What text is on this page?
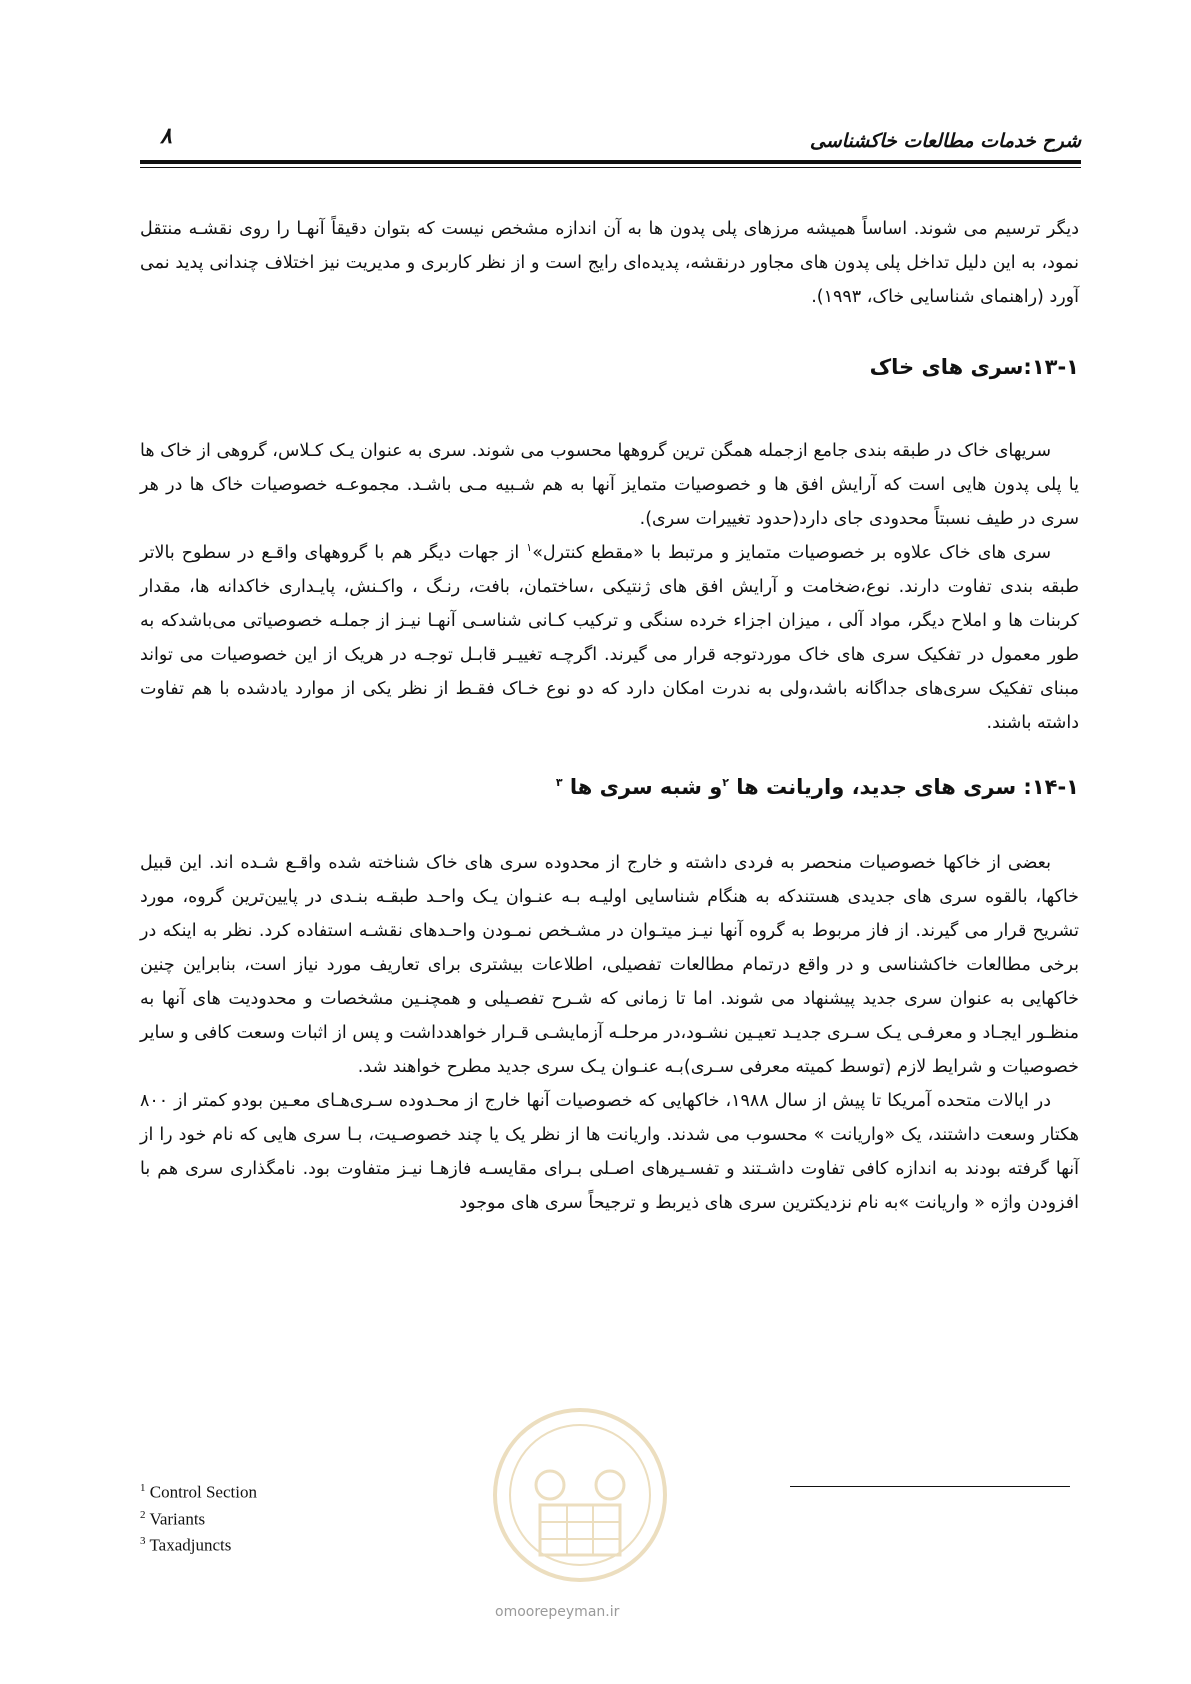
شرح خدمات مطالعات خاکشناسی
۸

دیگر ترسیم می شوند. اساساً همیشه مرزهای پلی پدون ها به آن اندازه مشخص نیست که بتوان دقیقاً آنهـا را روی نقشـه منتقل نمود، به این دلیل تداخل پلی پدون های مجاور درنقشه، پدیده‌ای رایج است و از نظر کاربری و مدیریت نیز اختلاف چندانی پدید نمی آورد (راهنمای شناسایی خاک، ۱۹۹۳).

۱۳-۱:سری های خاک

سریهای خاک در طبقه بندی جامع ازجمله همگن ترین گروهها محسوب می شوند. سری به عنوان یـک کـلاس، گروهی از خاک ها یا پلی پدون هایی است که آرایش افق ها و خصوصیات متمایز آنها به هم شـبیه مـی باشـد. مجموعـه خصوصیات خاک ها در هر سری در طیف نسبتاً محدودی جای دارد(حدود تغییرات سری).

سری های خاک علاوه بر خصوصیات متمایز و مرتبط با «مقطع کنترل»$^۱$ از جهات دیگر هم با گروههای واقـع در سطوح بالاتر طبقه بندی تفاوت دارند. نوع،ضخامت و آرایش افق های ژنتیکی ،ساختمان، بافت، رنـگ ، واکـنش، پایـداری خاکدانه ها، مقدار کربنات ها و املاح دیگر، مواد آلی ، میزان اجزاء خرده سنگی و ترکیب کـانی شناسـی آنهـا نیـز از جملـه خصوصیاتی می‌باشدکه به طور معمول در تفکیک سری های خاک موردتوجه قرار می گیرند. اگرچـه تغییـر قابـل توجـه در هریک از این خصوصیات می تواند مبنای تفکیک سری‌های جداگانه باشد،ولی به ندرت امکان دارد که دو نوع خـاک فقـط از نظر یکی از موارد یادشده با هم تفاوت داشته باشند.

۱۴-۱: سری های جدید، واریانت ها $^۲$و شبه سری ها $^۳$

بعضی از خاکها خصوصیات منحصر به فردی داشته و خارج از محدوده سری های خاک شناخته شده واقـع شـده اند. این قبیل خاکها، بالقوه سری های جدیدی هستندکه به هنگام شناسایی اولیـه بـه عنـوان یـک واحـد طبقـه بنـدی در پایین‌ترین گروه، مورد تشریح قرار می گیرند. از فاز مربوط به گروه آنها نیـز میتـوان در مشـخص نمـودن واحـدهای نقشـه استفاده کرد. نظر به اینکه در برخی مطالعات خاکشناسی و در واقع درتمام مطالعات تفصیلی، اطلاعات بیشتری برای تعاریف مورد نیاز است، بنابراین چنین خاکهایی به عنوان سری جدید پیشنهاد می شوند. اما تا زمانی که شـرح تفصـیلی و همچنـین مشخصات و محدودیت های آنها به منظـور ایجـاد و معرفـی یـک سـری جدیـد تعیـین نشـود،در مرحلـه آزمایشـی قـرار خواهدداشت و پس از اثبات وسعت کافی و سایر خصوصیات و شرایط لازم (توسط کمیته معرفی سـری)بـه عنـوان یـک سری جدید مطرح خواهند شد.

در ایالات متحده آمریکا تا پیش از سال ۱۹۸۸، خاکهایی که خصوصیات آنها خارج از محـدوده سـری‌هـای معـین بودو کمتر از ۸۰۰ هکتار وسعت داشتند، یک «واریانت » محسوب می شدند. واریانت ها از نظر یک یا چند خصوصـیت، بـا سری هایی که نام خود را از آنها گرفته بودند به اندازه کافی تفاوت داشـتند و تفسـیرهای اصـلی بـرای مقایسـه فازهـا نیـز متفاوت بود. نامگذاری سری هم با افزودن واژه « واریانت »به نام نزدیکترین سری های ذیربط و ترجیحاً سری های موجود

omoorepeyman.ir
$^1$ Control Section
$^2$ Variants
$^3$ Taxadjuncts
